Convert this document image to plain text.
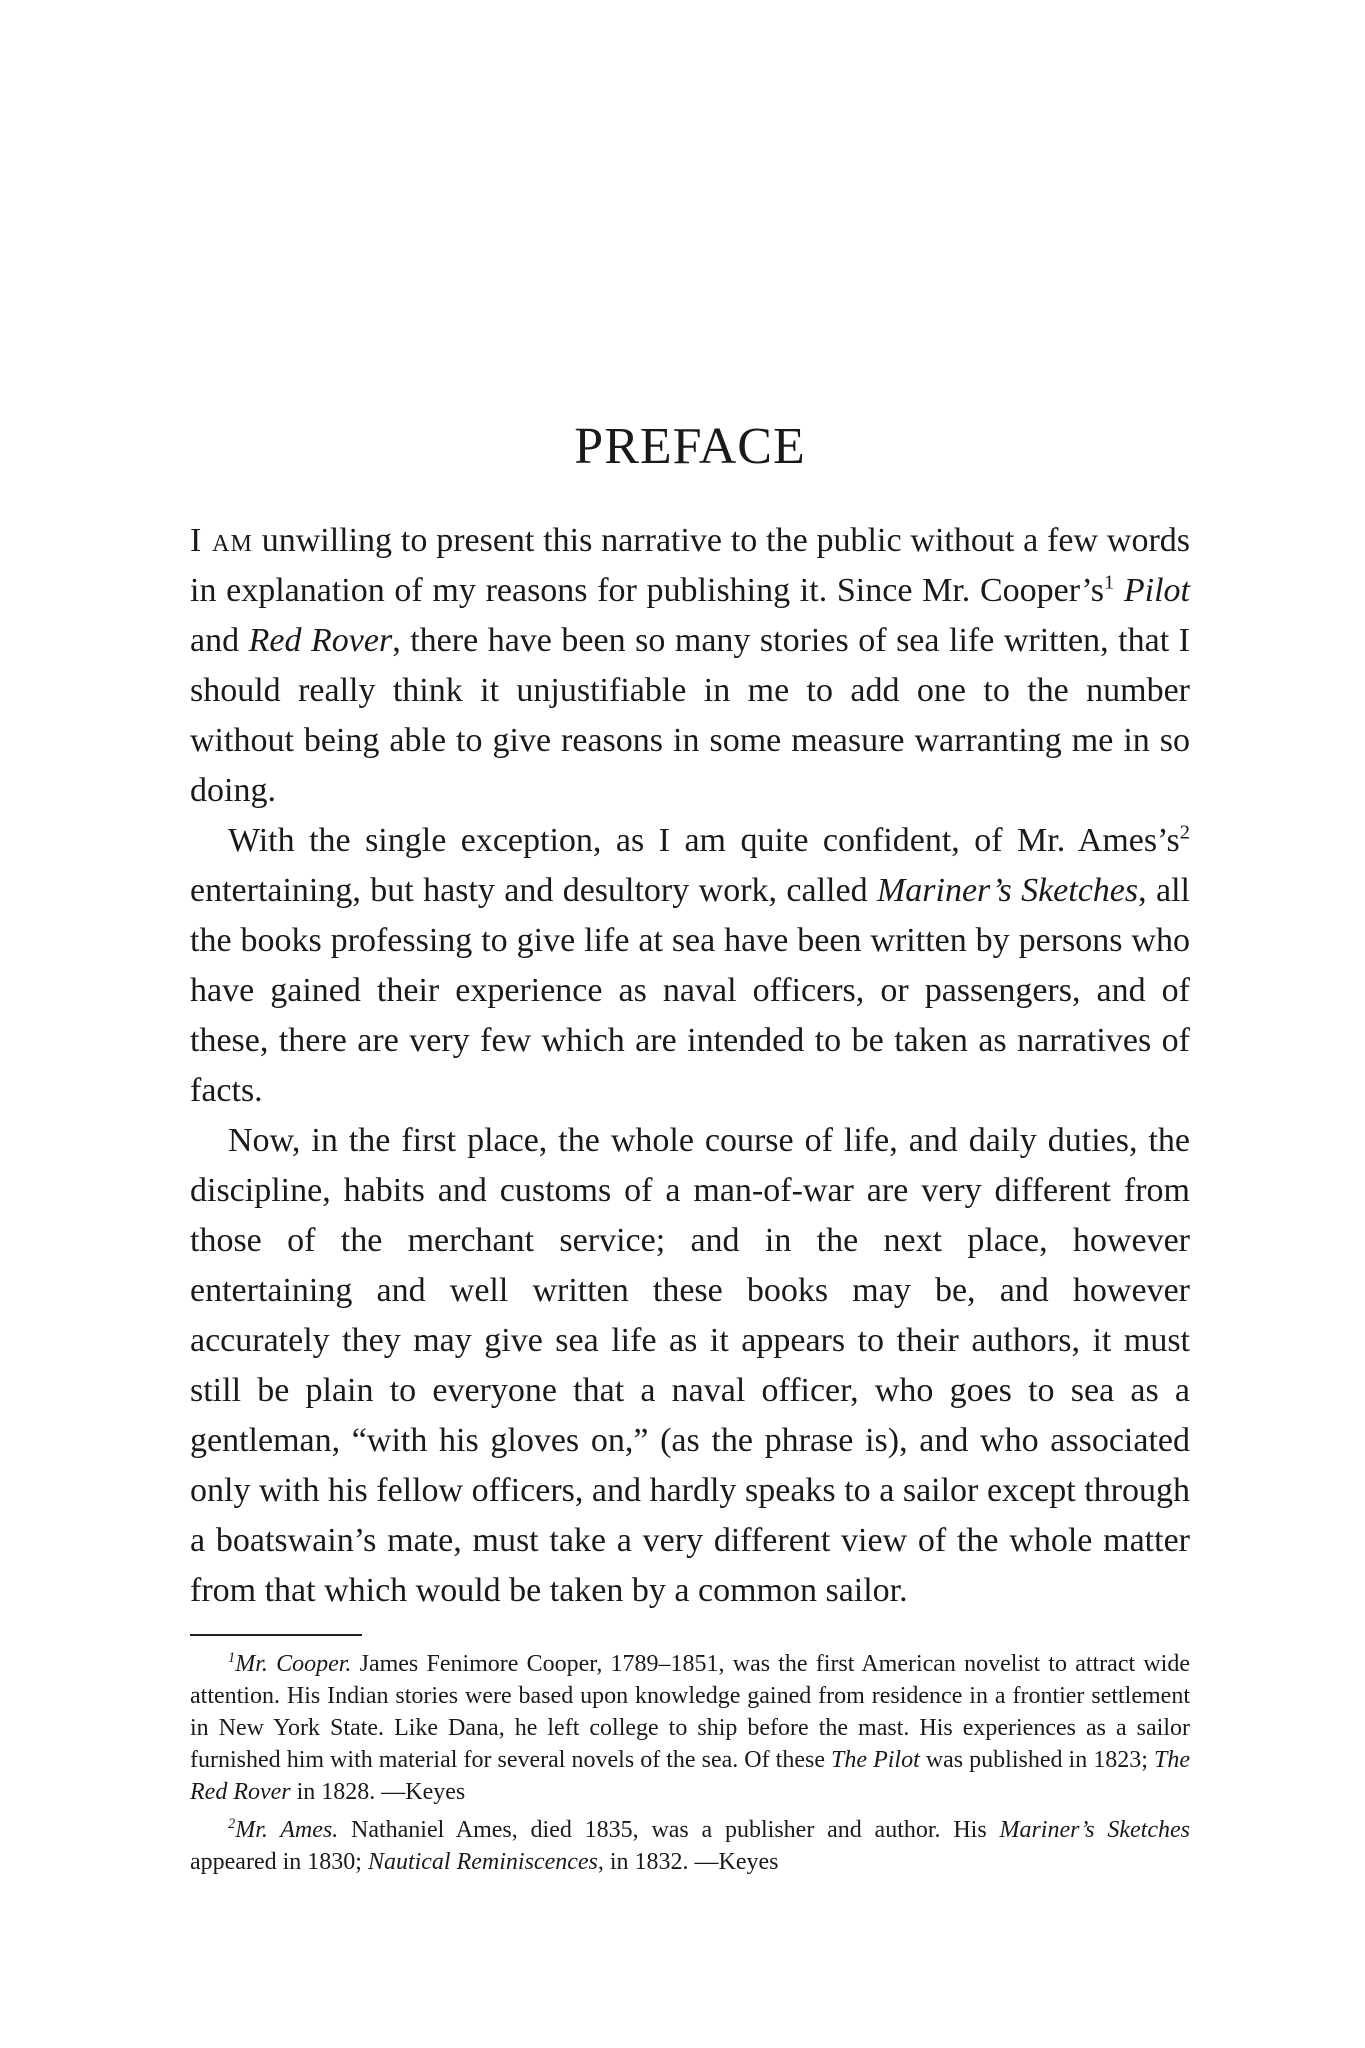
PREFACE

I am unwilling to present this narrative to the public without a few words in explanation of my reasons for publishing it. Since Mr. $Cooper’s^1$ Pilot and Red Rover, there have been so many stories of sea life written, that I should really think it unjustifiable in me to add one to the number without being able to give reasons in some measure warranting me in so doing.

With the single exception, as I am quite confident, of Mr. $Ames’s^2$ entertaining, but hasty and desultory work, called Mariner’s Sketches, all the books professing to give life at sea have been written by persons who have gained their experience as naval officers, or passengers, and of these, there are very few which are intended to be taken as narratives of facts.

Now, in the first place, the whole course of life, and daily duties, the discipline, habits and customs of a man-of-war are very different from those of the merchant service; and in the next place, however entertaining and well written these books may be, and however accurately they may give sea life as it appears to their authors, it must still be plain to everyone that a naval officer, who goes to sea as a gentleman, “with his gloves on,” (as the phrase is), and who associated only with his fellow officers, and hardly speaks to a sailor except through a boatswain’s mate, must take a very different view of the whole matter from that which would be taken by a common sailor.

$^1$Mr. Cooper. James Fenimore Cooper, 1789–1851, was the first American novelist to attract wide attention. His Indian stories were based upon knowledge gained from residence in a frontier settlement in New York State. Like Dana, he left college to ship before the mast. His experiences as a sailor furnished him with material for several novels of the sea. Of these The Pilot was published in 1823; The Red Rover in 1828. —Keyes

$^2$Mr. Ames. Nathaniel Ames, died 1835, was a publisher and author. His Mariner’s Sketches appeared in 1830; Nautical Reminiscences, in 1832. —Keyes
